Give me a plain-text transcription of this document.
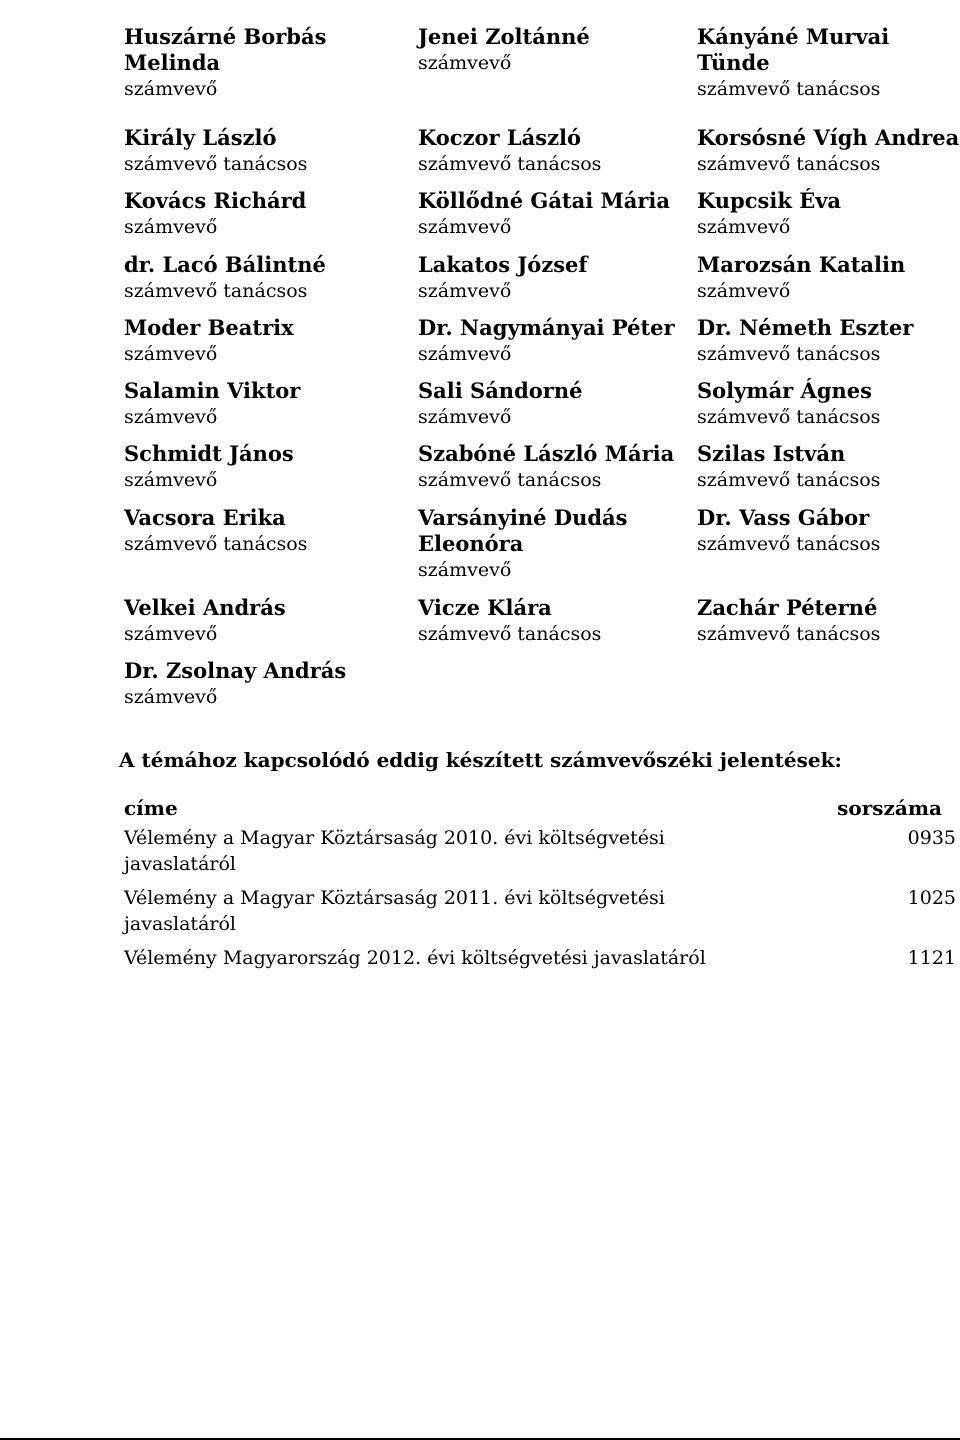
Huszárné Borbás Melinda
számvevő
Király László
számvevő tanácsos
Kovács Richárd
számvevő
dr. Lacó Bálintné
számvevő tanácsos
Moder Beatrix
számvevő
Salamin Viktor
számvevő
Schmidt János
számvevő
Vacsora Erika
számvevő tanácsos
Velkei András
számvevő
Dr. Zsolnay András
számvevő
Jenei Zoltánné
számvevő
Koczor László
számvevő tanácsos
Köllődné Gátai Mária
számvevő
Lakatos József
számvevő
Dr. Nagymányai Péter
számvevő
Sali Sándorné
számvevő
Szabóné László Mária
számvevő tanácsos
Varsányiné Dudás Eleonóra
számvevő
Vicze Klára
számvevő tanácsos
Kányáné Murvai Tünde
számvevő tanácsos
Korsósné Vígh Andrea
számvevő tanácsos
Kupcsik Éva
számvevő
Marozsán Katalin
számvevő
Dr. Németh Eszter
számvevő tanácsos
Solymár Ágnes
számvevő tanácsos
Szilas István
számvevő tanácsos
Dr. Vass Gábor
számvevő tanácsos
Zachár Péterné
számvevő tanácsos
A témához kapcsolódó eddig készített számvevőszéki jelentések:
címe	sorszáma
Vélemény a Magyar Köztársaság 2010. évi költségvetési javaslatáról
0935
Vélemény a Magyar Köztársaság 2011. évi költségvetési javaslatáról
1025
Vélemény Magyarország 2012. évi költségvetési javaslatáról	1121
